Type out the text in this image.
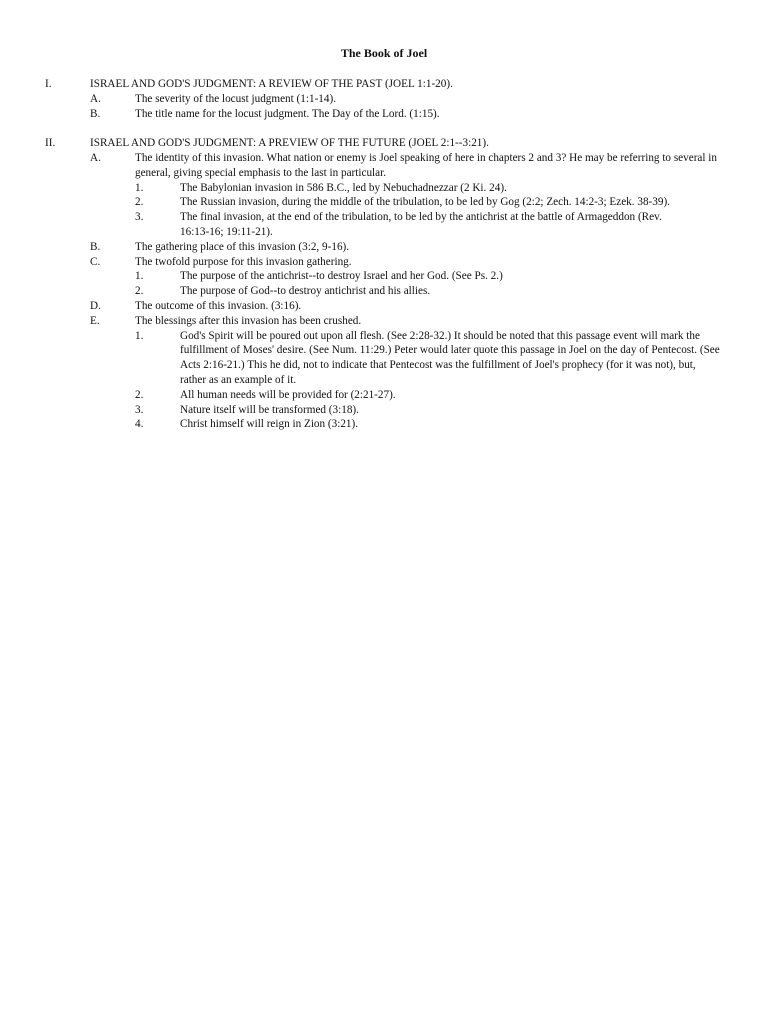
The Book of Joel
I.	ISRAEL AND GOD'S JUDGMENT: A REVIEW OF THE PAST (JOEL 1:1-20).
A.	The severity of the locust judgment (1:1-14).
B.	The title name for the locust judgment. The Day of the Lord. (1:15).
II.	ISRAEL AND GOD'S JUDGMENT: A PREVIEW OF THE FUTURE (JOEL 2:1--3:21).
A.	The identity of this invasion. What nation or enemy is Joel speaking of here in chapters 2 and 3? He may be referring to several in general, giving special emphasis to the last in particular.
1.	The Babylonian invasion in 586 B.C., led by Nebuchadnezzar (2 Ki. 24).
2.	The Russian invasion, during the middle of the tribulation, to be led by Gog (2:2; Zech. 14:2-3; Ezek. 38-39).
3.	The final invasion, at the end of the tribulation, to be led by the antichrist at the battle of Armageddon (Rev. 16:13-16; 19:11-21).
B.	The gathering place of this invasion (3:2, 9-16).
C.	The twofold purpose for this invasion gathering.
1.	The purpose of the antichrist--to destroy Israel and her God. (See Ps. 2.)
2.	The purpose of God--to destroy antichrist and his allies.
D.	The outcome of this invasion. (3:16).
E.	The blessings after this invasion has been crushed.
1.	God's Spirit will be poured out upon all flesh. (See 2:28-32.) It should be noted that this passage event will mark the fulfillment of Moses' desire. (See Num. 11:29.) Peter would later quote this passage in Joel on the day of Pentecost. (See Acts 2:16-21.) This he did, not to indicate that Pentecost was the fulfillment of Joel's prophecy (for it was not), but, rather as an example of it.
2.	All human needs will be provided for (2:21-27).
3.	Nature itself will be transformed (3:18).
4.	Christ himself will reign in Zion (3:21).
